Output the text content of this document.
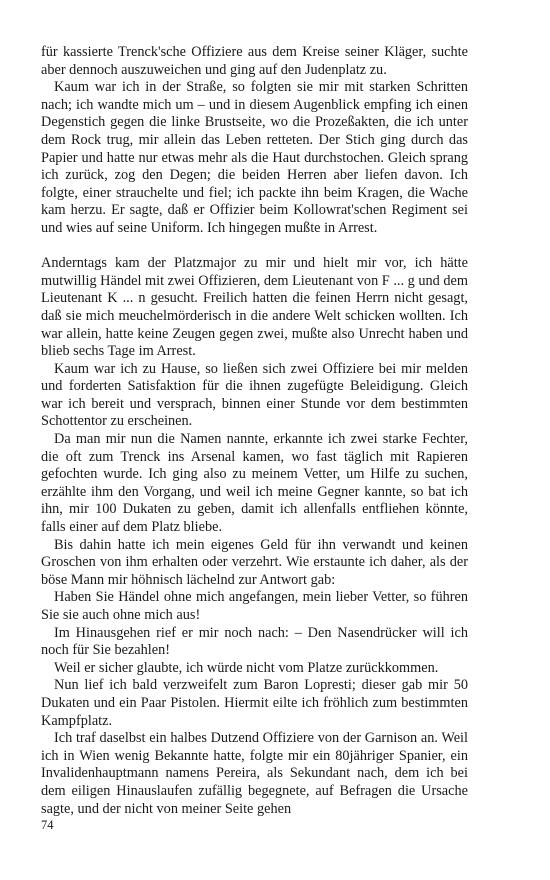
für kassierte Trenck'sche Offiziere aus dem Kreise seiner Kläger, suchte aber dennoch auszuweichen und ging auf den Judenplatz zu.

Kaum war ich in der Straße, so folgten sie mir mit starken Schritten nach; ich wandte mich um – und in diesem Augenblick empfing ich einen Degenstich gegen die linke Brustseite, wo die Prozeßakten, die ich unter dem Rock trug, mir allein das Leben retteten. Der Stich ging durch das Papier und hatte nur etwas mehr als die Haut durchstochen. Gleich sprang ich zurück, zog den Degen; die beiden Herren aber liefen davon. Ich folgte, einer strauchelte und fiel; ich packte ihn beim Kragen, die Wache kam herzu. Er sagte, daß er Offizier beim Kollowrat'schen Regiment sei und wies auf seine Uniform. Ich hingegen mußte in Arrest.

Anderntags kam der Platzmajor zu mir und hielt mir vor, ich hätte mutwillig Händel mit zwei Offizieren, dem Lieutenant von F ... g und dem Lieutenant K ... n gesucht. Freilich hatten die feinen Herrn nicht gesagt, daß sie mich meuchelmörderisch in die andere Welt schicken wollten. Ich war allein, hatte keine Zeugen gegen zwei, mußte also Unrecht haben und blieb sechs Tage im Arrest.

Kaum war ich zu Hause, so ließen sich zwei Offiziere bei mir melden und forderten Satisfaktion für die ihnen zugefügte Beleidigung. Gleich war ich bereit und versprach, binnen einer Stunde vor dem bestimmten Schottentor zu erscheinen.

Da man mir nun die Namen nannte, erkannte ich zwei starke Fechter, die oft zum Trenck ins Arsenal kamen, wo fast täglich mit Rapieren gefochten wurde. Ich ging also zu meinem Vetter, um Hilfe zu suchen, erzählte ihm den Vorgang, und weil ich meine Gegner kannte, so bat ich ihn, mir 100 Dukaten zu geben, damit ich allenfalls entfliehen könnte, falls einer auf dem Platz bliebe.

Bis dahin hatte ich mein eigenes Geld für ihn verwandt und keinen Groschen von ihm erhalten oder verzehrt. Wie erstaunte ich daher, als der böse Mann mir höhnisch lächelnd zur Antwort gab:

Haben Sie Händel ohne mich angefangen, mein lieber Vetter, so führen Sie sie auch ohne mich aus!

Im Hinausgehen rief er mir noch nach: – Den Nasendrücker will ich noch für Sie bezahlen!

Weil er sicher glaubte, ich würde nicht vom Platze zurückkommen.

Nun lief ich bald verzweifelt zum Baron Lopresti; dieser gab mir 50 Dukaten und ein Paar Pistolen. Hiermit eilte ich fröhlich zum bestimmten Kampfplatz.

Ich traf daselbst ein halbes Dutzend Offiziere von der Garnison an. Weil ich in Wien wenig Bekannte hatte, folgte mir ein 80jähriger Spanier, ein Invalidenhauptmann namens Pereira, als Sekundant nach, dem ich bei dem eiligen Hinauslaufen zufällig begegnete, auf Befragen die Ursache sagte, und der nicht von meiner Seite gehen

74
